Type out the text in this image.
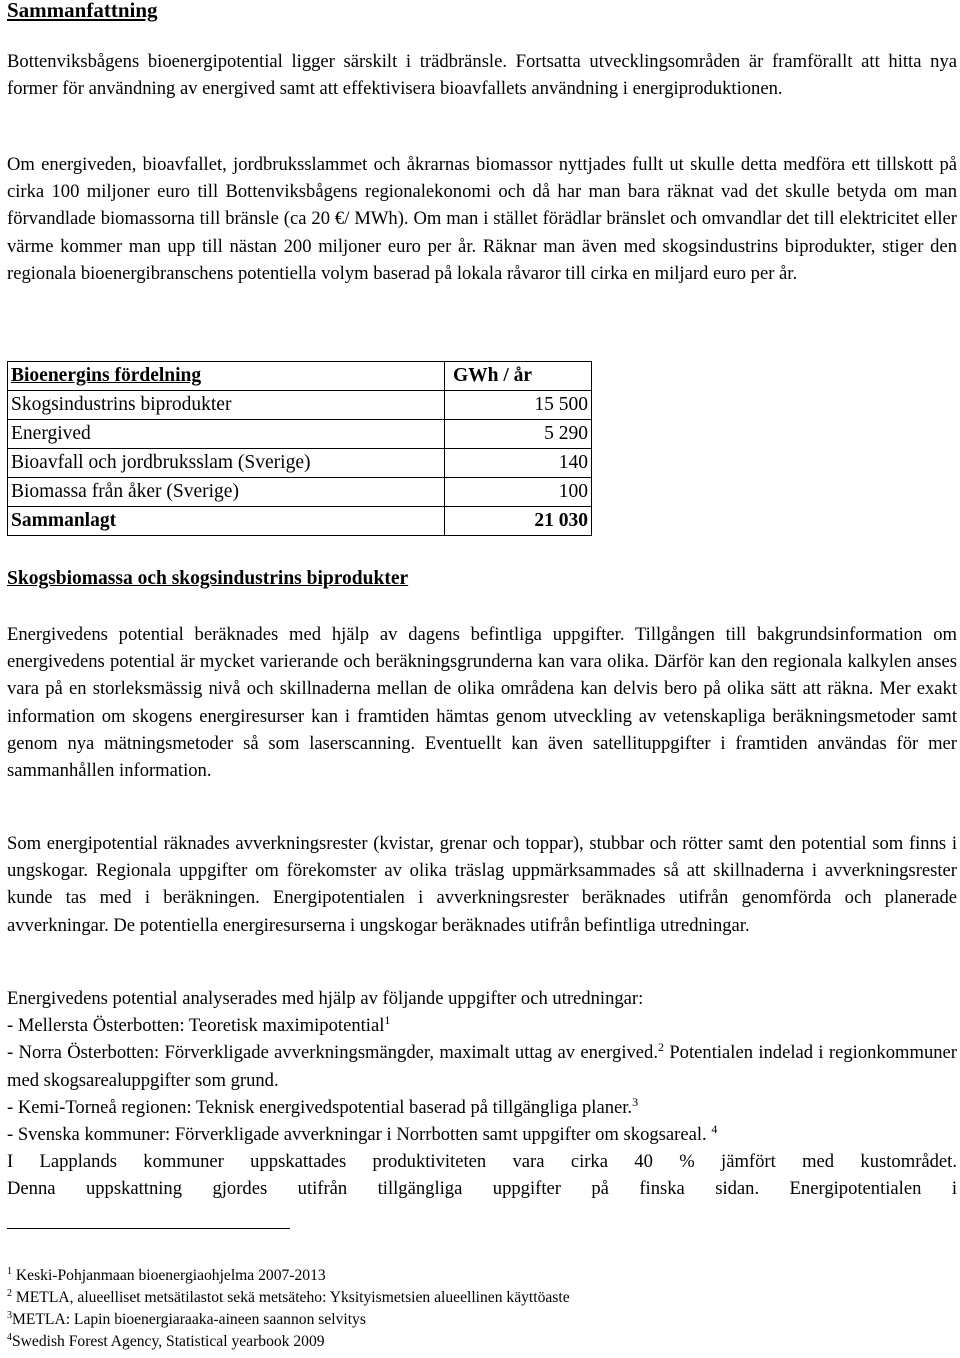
Sammanfattning

Bottenviksbågens bioenergipotential ligger särskilt i trädbränsle. Fortsatta utvecklingsområden är framförallt att hitta nya former för användning av energived samt att effektivisera bioavfallets användning i energiproduktionen.

Om energiveden, bioavfallet, jordbruksslammet och åkrarnas biomassor nyttjades fullt ut skulle detta medföra ett tillskott på cirka 100 miljoner euro till Bottenviksbågens regionalekonomi och då har man bara räknat vad det skulle betyda om man förvandlade biomassorna till bränsle (ca 20 €/ MWh). Om man i stället förädlar bränslet och omvandlar det till elektricitet eller värme kommer man upp till nästan 200 miljoner euro per år. Räknar man även med skogsindustrins biprodukter, stiger den regionala bioenergibranschens potentiella volym baserad på lokala råvaror till cirka en miljard euro per år.

Bioenergins fördelning	GWh / år
Skogsindustrins biprodukter	15 500
Energived	5 290
Bioavfall och jordbruksslam (Sverige)	140
Biomassa från åker (Sverige)	100
Sammanlagt	21 030
Skogsbiomassa och skogsindustrins biprodukter

Energivedens potential beräknades med hjälp av dagens befintliga uppgifter. Tillgången till bakgrundsinformation om energivedens potential är mycket varierande och beräkningsgrunderna kan vara olika. Därför kan den regionala kalkylen anses vara på en storleksmässig nivå och skillnaderna mellan de olika områdena kan delvis bero på olika sätt att räkna. Mer exakt information om skogens energiresurser kan i framtiden hämtas genom utveckling av vetenskapliga beräkningsmetoder samt genom nya mätningsmetoder så som laserscanning. Eventuellt kan även satellituppgifter i framtiden användas för mer sammanhållen information.

Som energipotential räknades avverkningsrester (kvistar, grenar och toppar), stubbar och rötter samt den potential som finns i ungskogar. Regionala uppgifter om förekomster av olika träslag uppmärksammades så att skillnaderna i avverkningsrester kunde tas med i beräkningen. Energipotentialen i avverkningsrester beräknades utifrån genomförda och planerade avverkningar. De potentiella energiresurserna i ungskogar beräknades utifrån befintliga utredningar.

Energivedens potential analyserades med hjälp av följande uppgifter och utredningar:
- Mellersta Österbotten: Teoretisk maximipotential$^1$
- Norra Österbotten: Förverkligade avverkningsmängder, maximalt uttag av energived.$^2$ Potentialen indelad i regionkommuner med skogsarealuppgifter som grund.
- Kemi-Torneå regionen: Teknisk energivedspotential baserad på tillgängliga planer.$^3$
- Svenska kommuner: Förverkligade avverkningar i Norrbotten samt uppgifter om skogsareal. $^4$
I Lapplands kommuner uppskattades produktiviteten vara cirka 40 % jämfört med kustområdet.
Denna uppskattning gjordes utifrån tillgängliga uppgifter på finska sidan. Energipotentialen i
$^1$ Keski-Pohjanmaan bioenergiaohjelma 2007-2013
$^2$ METLA, alueelliset metsätilastot sekä metsäteho: Yksityismetsien alueellinen käyttöaste
$^3$METLA: Lapin bioenergiaraaka-aineen saannon selvitys
$^4$Swedish Forest Agency, Statistical yearbook 2009
